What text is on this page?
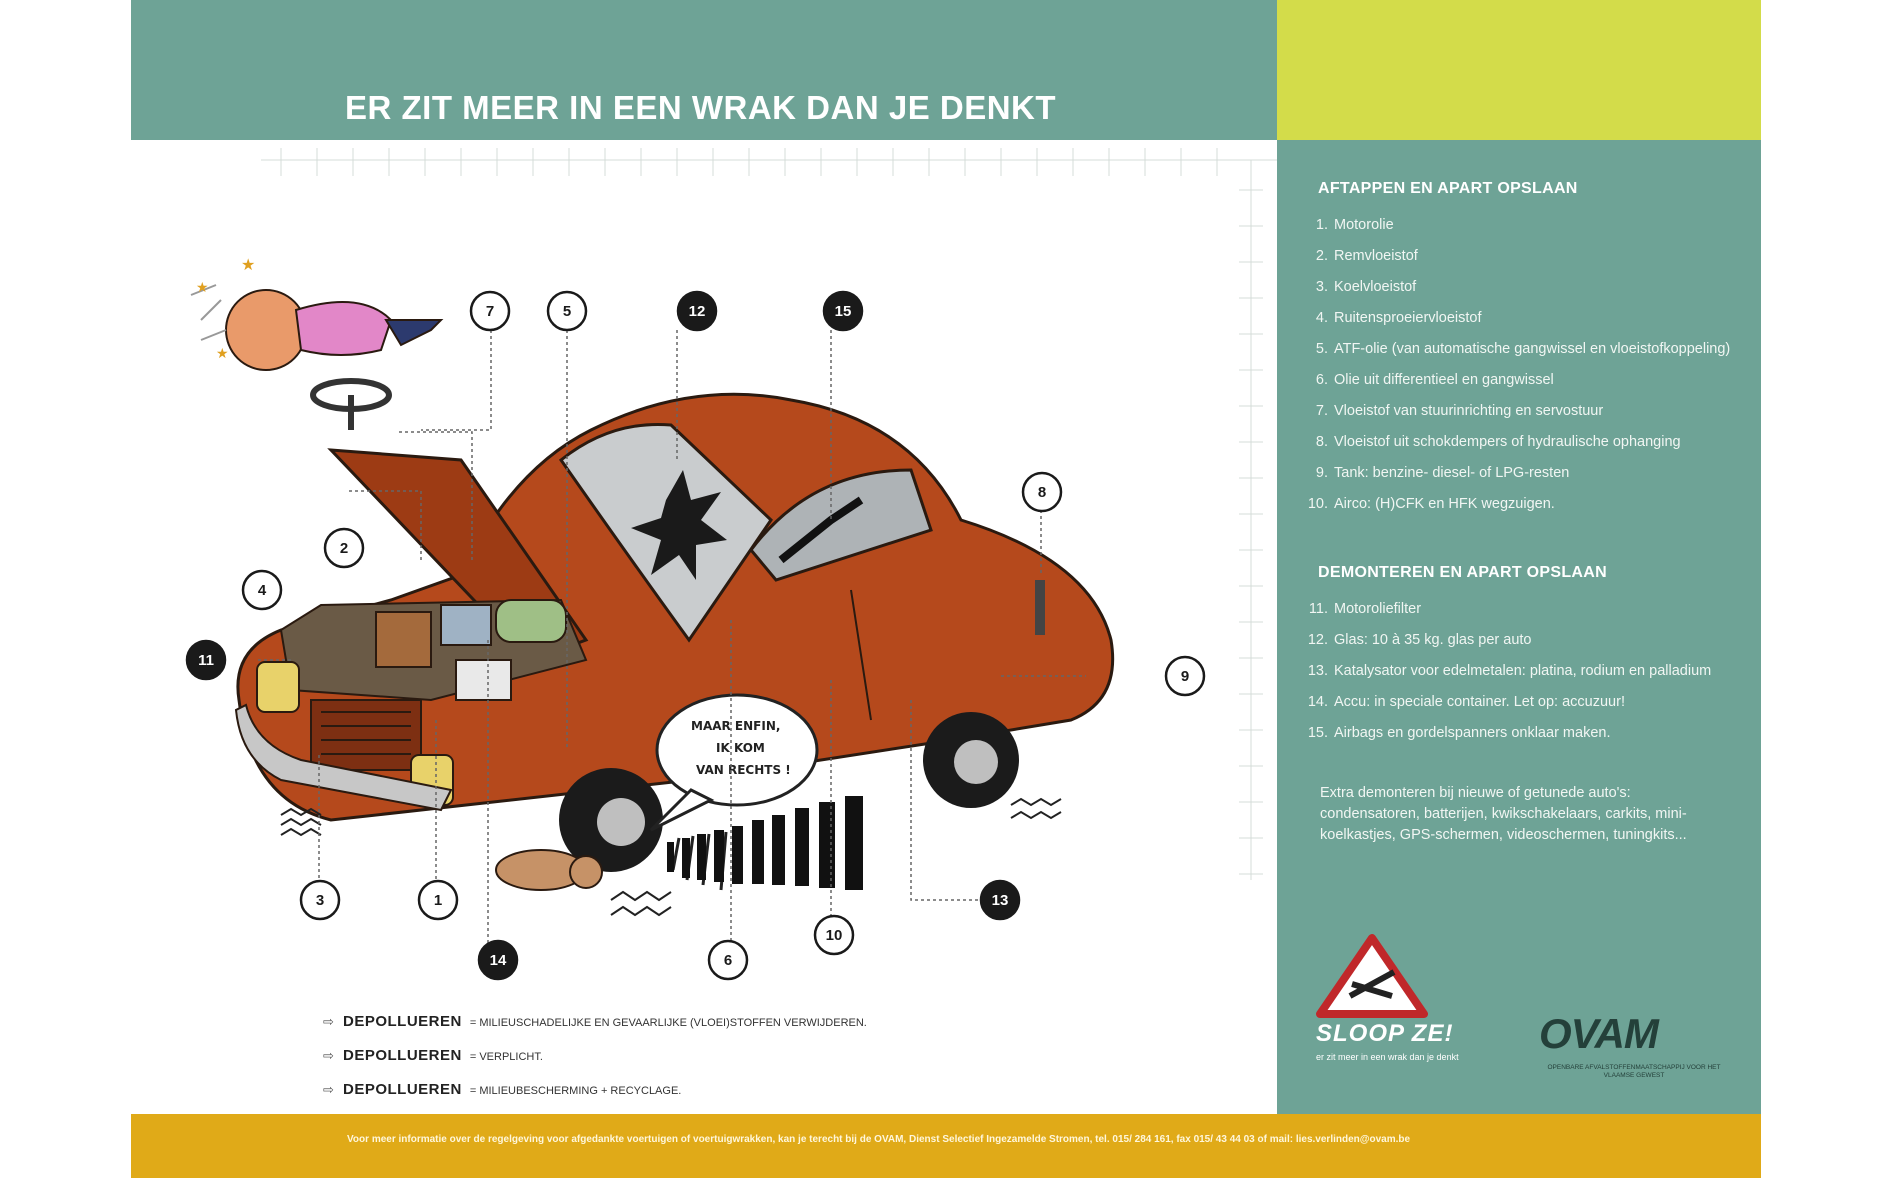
ER ZIT MEER IN EEN WRAK DAN JE DENKT
★
★
★
MAAR ENFIN,
IK KOM
VAN RECHTS !
1
2
3
4
5
6
7
8
9
10
11
12
13
14
15
⇨ DEPOLLUEREN = MILIEUSCHADELIJKE EN GEVAARLIJKE (VLOEI)STOFFEN VERWIJDEREN.
⇨ DEPOLLUEREN = VERPLICHT.
⇨ DEPOLLUEREN = MILIEUBESCHERMING + RECYCLAGE.
AFTAPPEN EN APART OPSLAAN
1. Motorolie
2. Remvloeistof
3. Koelvloeistof
4. Ruitensproeiervloeistof
5. ATF-olie (van automatische gangwissel en vloeistofkoppeling)
6. Olie uit differentieel en gangwissel
7. Vloeistof van stuurinrichting en servostuur
8. Vloeistof uit schokdempers of hydraulische ophanging
9. Tank: benzine- diesel- of LPG-resten
10. Airco: (H)CFK en HFK wegzuigen.
DEMONTEREN EN APART OPSLAAN
11. Motoroliefilter
12. Glas: 10 à 35 kg. glas per auto
13. Katalysator voor edelmetalen: platina, rodium en palladium
14. Accu: in speciale container. Let op: accuzuur!
15. Airbags en gordelspanners onklaar maken.
Extra demonteren bij nieuwe of getunede auto's: condensatoren, batterijen, kwikschakelaars, carkits, mini-koelkastjes, GPS-schermen, videoschermen, tuningkits...
SLOOP ZE!
er zit meer in een wrak dan je denkt OVAM
OPENBARE AFVALSTOFFENMAATSCHAPPIJ VOOR HET VLAAMSE GEWEST
Voor meer informatie over de regelgeving voor afgedankte voertuigen of voertuigwrakken, kan je terecht bij de OVAM, Dienst Selectief Ingezamelde Stromen, tel. 015/ 284 161, fax 015/ 43 44 03 of mail: lies.verlinden@ovam.be
